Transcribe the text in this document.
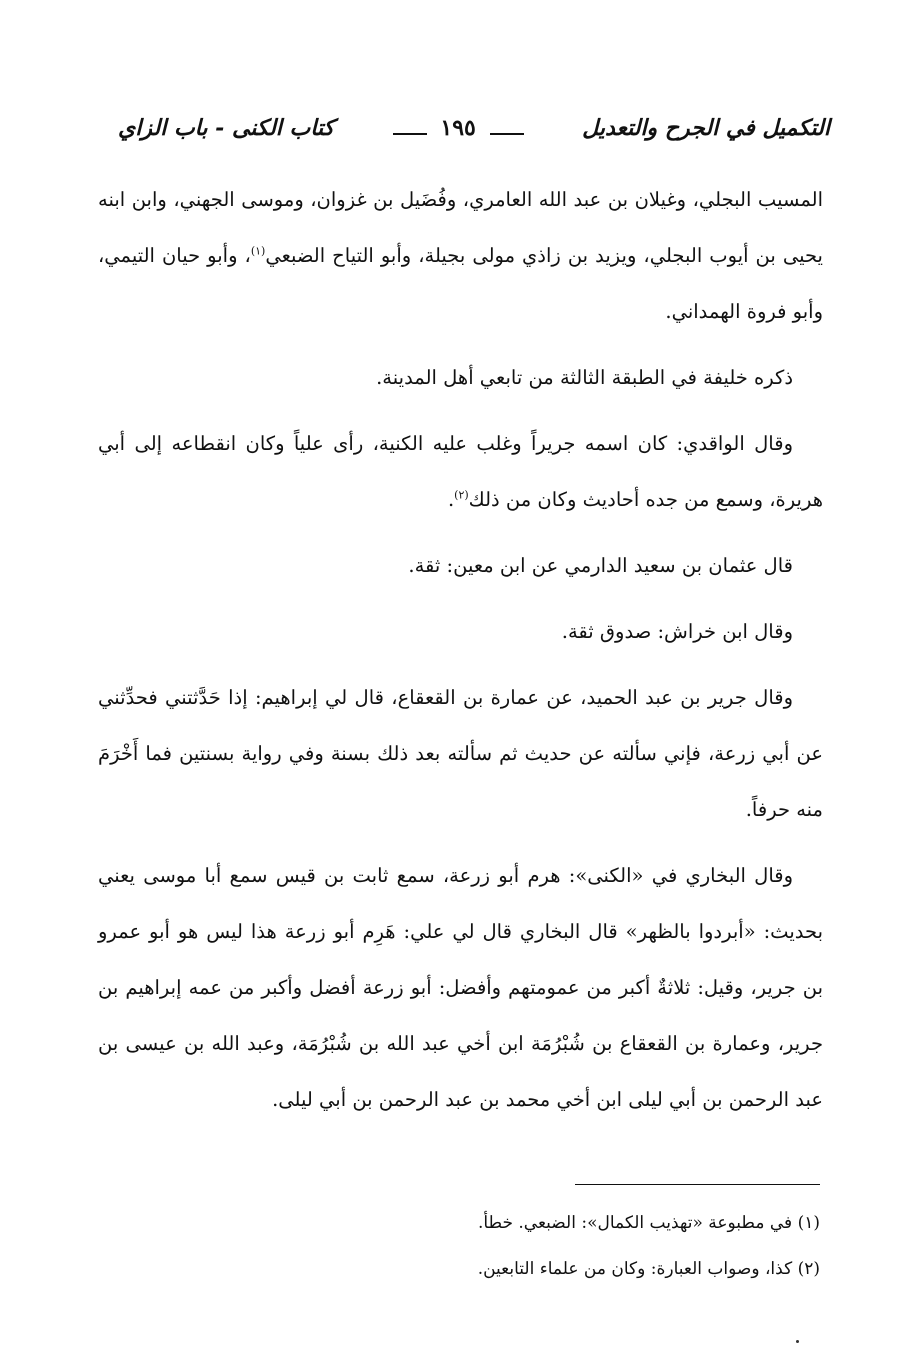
التكميل في الجرح والتعديل
١٩٥
كتاب الكنى - باب الزاي

المسيب البجلي، وغيلان بن عبد الله العامري، وفُضَيل بن غزوان، وموسى الجهني، وابن ابنه يحيى بن أيوب البجلي، ويزيد بن زاذي مولى بجيلة، وأبو التياح الضبعي$^{(١)}$، وأبو حيان التيمي، وأبو فروة الهمداني.

ذكره خليفة في الطبقة الثالثة من تابعي أهل المدينة.

وقال الواقدي: كان اسمه جريراً وغلب عليه الكنية، رأى علياً وكان انقطاعه إلى أبي هريرة، وسمع من جده أحاديث وكان من ذلك$^{(٢)}$.

قال عثمان بن سعيد الدارمي عن ابن معين: ثقة.

وقال ابن خراش: صدوق ثقة.

وقال جرير بن عبد الحميد، عن عمارة بن القعقاع، قال لي إبراهيم: إذا حَدَّثتني فحدِّثني عن أبي زرعة، فإني سألته عن حديث ثم سألته بعد ذلك بسنة وفي رواية بسنتين فما أَخْرَمَ منه حرفاً.

وقال البخاري في «الكنى»: هرم أبو زرعة، سمع ثابت بن قيس سمع أبا موسى يعني بحديث: «أبردوا بالظهر» قال البخاري قال لي علي: هَرِم أبو زرعة هذا ليس هو أبو عمرو بن جرير، وقيل: ثلاثةٌ أكبر من عمومتهم وأفضل: أبو زرعة أفضل وأكبر من عمه إبراهيم بن جرير، وعمارة بن القعقاع بن شُبْرُمَة ابن أخي عبد الله بن شُبْرُمَة، وعبد الله بن عيسى بن عبد الرحمن بن أبي ليلى ابن أخي محمد بن عبد الرحمن بن أبي ليلى.

(١) في مطبوعة «تهذيب الكمال»: الضبعي. خطأ.
(٢) كذا، وصواب العبارة: وكان من علماء التابعين.
